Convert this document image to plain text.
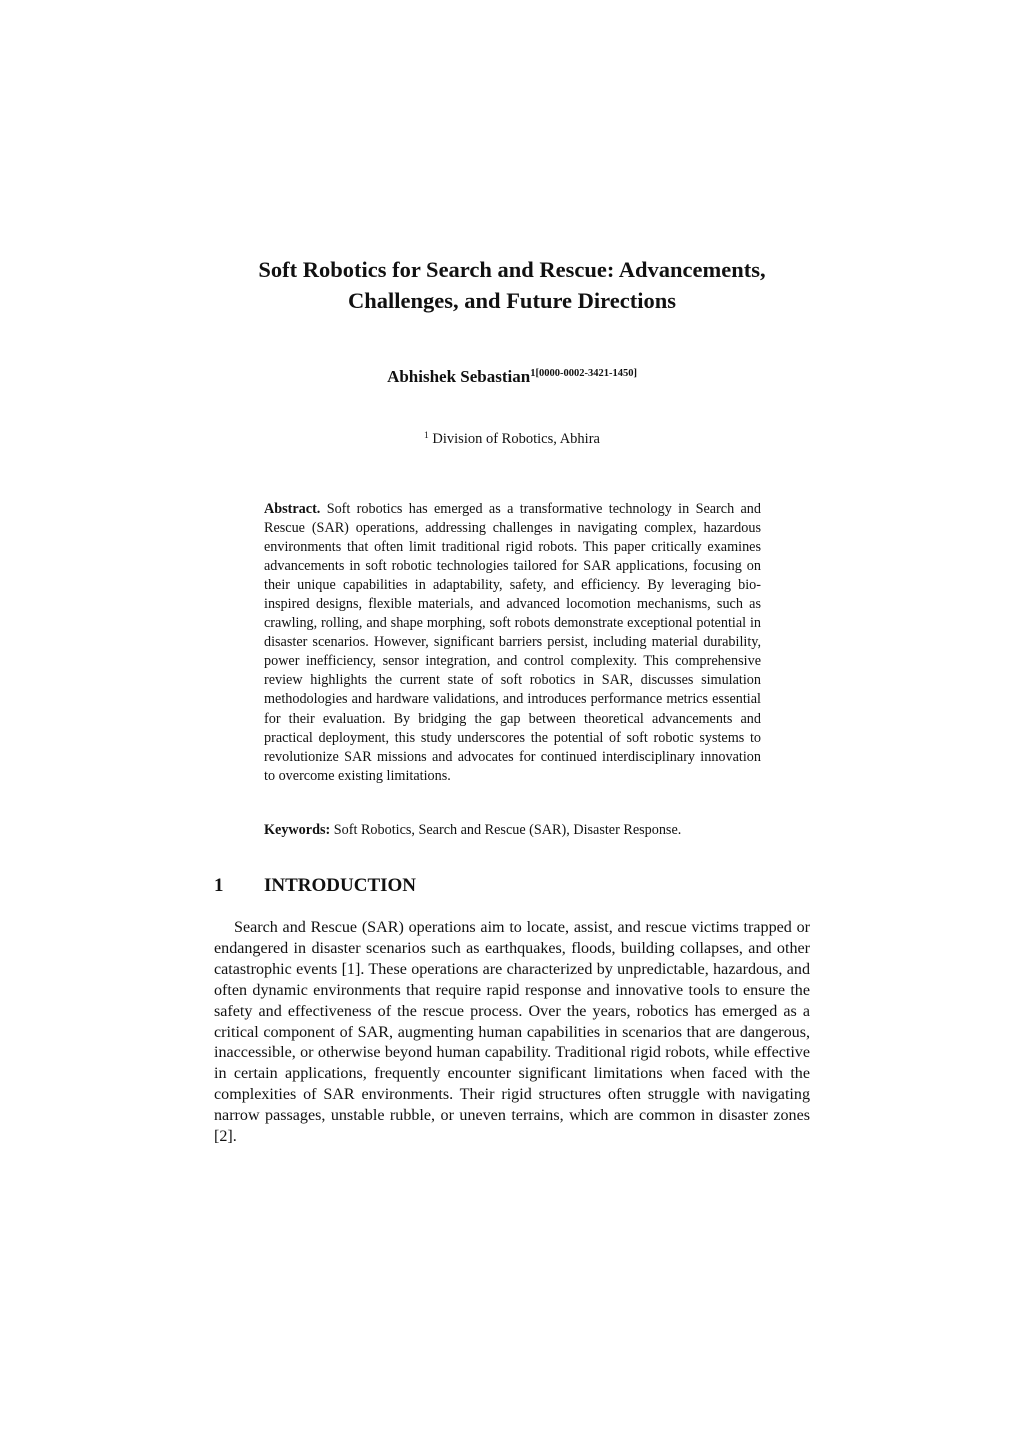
Soft Robotics for Search and Rescue: Advancements,
Challenges, and Future Directions
Abhishek Sebastian$^{1[0000-0002-3421-1450]}$
$^1$ Division of Robotics, Abhira

Abstract. Soft robotics has emerged as a transformative technology in Search and Rescue (SAR) operations, addressing challenges in navigating complex, hazardous environments that often limit traditional rigid robots. This paper critically examines advancements in soft robotic technologies tailored for SAR applications, focusing on their unique capabilities in adaptability, safety, and efficiency. By leveraging bio-inspired designs, flexible materials, and advanced locomotion mechanisms, such as crawling, rolling, and shape morphing, soft robots demonstrate exceptional potential in disaster scenarios. However, significant barriers persist, including material durability, power inefficiency, sensor integration, and control complexity. This comprehensive review highlights the current state of soft robotics in SAR, discusses simulation methodologies and hardware validations, and introduces performance metrics essential for their evaluation. By bridging the gap between theoretical advancements and practical deployment, this study underscores the potential of soft robotic systems to revolutionize SAR missions and advocates for continued interdisciplinary innovation to overcome existing limitations.

Keywords: Soft Robotics, Search and Rescue (SAR), Disaster Response.

1 INTRODUCTION

Search and Rescue (SAR) operations aim to locate, assist, and rescue victims trapped or endangered in disaster scenarios such as earthquakes, floods, building collapses, and other catastrophic events [1]. These operations are characterized by unpredictable, hazardous, and often dynamic environments that require rapid response and innovative tools to ensure the safety and effectiveness of the rescue process. Over the years, robotics has emerged as a critical component of SAR, augmenting human capabilities in scenarios that are dangerous, inaccessible, or otherwise beyond human capability. Traditional rigid robots, while effective in certain applications, frequently encounter significant limitations when faced with the complexities of SAR environments. Their rigid structures often struggle with navigating narrow passages, unstable rubble, or uneven terrains, which are common in disaster zones [2].
